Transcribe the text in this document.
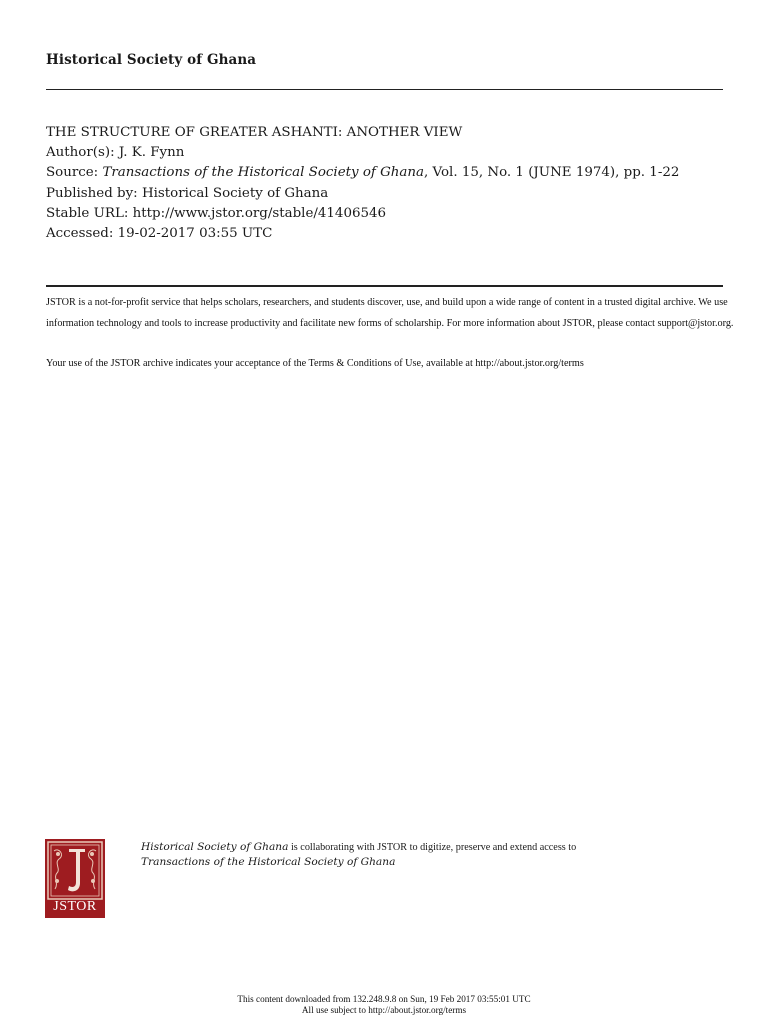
Historical Society of Ghana
THE STRUCTURE OF GREATER ASHANTI: ANOTHER VIEW
Author(s): J. K. Fynn
Source: Transactions of the Historical Society of Ghana, Vol. 15, No. 1 (JUNE 1974), pp. 1-22
Published by: Historical Society of Ghana
Stable URL: http://www.jstor.org/stable/41406546
Accessed: 19-02-2017 03:55 UTC

JSTOR is a not-for-profit service that helps scholars, researchers, and students discover, use, and build upon a wide range of content in a trusted digital archive. We use information technology and tools to increase productivity and facilitate new forms of scholarship. For more information about JSTOR, please contact support@jstor.org.

Your use of the JSTOR archive indicates your acceptance of the Terms & Conditions of Use, available at http://about.jstor.org/terms

JSTOR
Historical Society of Ghana is collaborating with JSTOR to digitize, preserve and extend access to
Transactions of the Historical Society of Ghana
This content downloaded from 132.248.9.8 on Sun, 19 Feb 2017 03:55:01 UTC
All use subject to http://about.jstor.org/terms
